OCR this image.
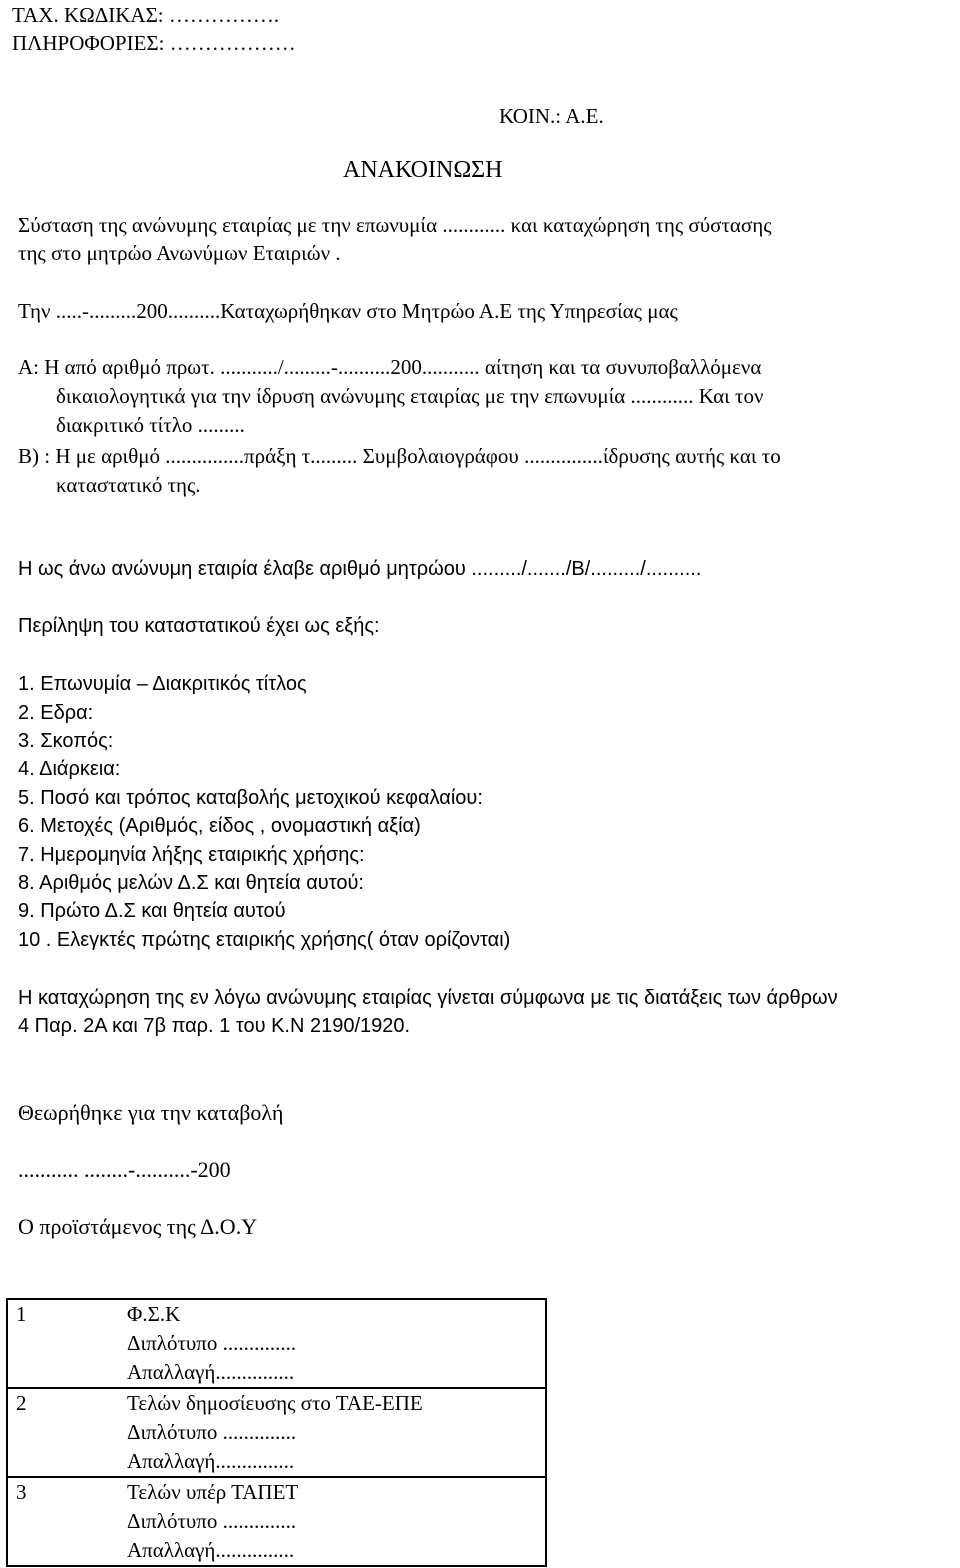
ΤΑΧ. ΚΩΔΙΚΑΣ: …………….
ΠΛΗΡΟΦΟΡΙΕΣ: ………………
ΚΟΙΝ.: Α.Ε.
ΑΝΑΚΟΙΝΩΣΗ
Σύσταση της ανώνυμης εταιρίας με την επωνυμία ............ και καταχώρηση της σύστασης
της στο μητρώο Ανωνύμων Εταιριών .
Την .....-.........200..........Καταχωρήθηκαν στο Μητρώο Α.Ε της Υπηρεσίας μας
Α: Η από αριθμό πρωτ. .........../.........-..........200........... αίτηση και τα συνυποβαλλόμενα
δικαιολογητικά για την ίδρυση ανώνυμης εταιρίας με την επωνυμία ............ Και τον
διακριτικό τίτλο .........
Β) : Η με αριθμό ...............πράξη τ......... Συμβολαιογράφου ...............ίδρυσης αυτής και το
καταστατικό της.
Η ως άνω ανώνυμη εταιρία έλαβε αριθμό μητρώου ........./......./Β/........./..........
Περίληψη του καταστατικού έχει ως εξής:
1. Επωνυμία – Διακριτικός τίτλος
2. Εδρα:
3. Σκοπός:
4. Διάρκεια:
5. Ποσό και τρόπος καταβολής μετοχικού κεφαλαίου:
6. Μετοχές (Αριθμός, είδος , ονομαστική αξία)
7. Ημερομηνία λήξης εταιρικής χρήσης:
8. Αριθμός μελών Δ.Σ και θητεία αυτού:
9. Πρώτο Δ.Σ και θητεία αυτού
10 . Ελεγκτές πρώτης εταιρικής χρήσης( όταν ορίζονται)
Η καταχώρηση της εν λόγω ανώνυμης εταιρίας γίνεται σύμφωνα με τις διατάξεις των άρθρων
4 Παρ. 2Α και 7β παρ. 1 του Κ.Ν 2190/1920.
Θεωρήθηκε για την καταβολή
........... ........-..........-200
Ο προϊστάμενος της Δ.Ο.Υ
1	Φ.Σ.Κ
Διπλότυπο ..............
Απαλλαγή...............

2	Τελών δημοσίευσης στο ΤΑΕ-ΕΠΕ
Διπλότυπο ..............
Απαλλαγή...............

3	Τελών υπέρ ΤΑΠΕΤ
Διπλότυπο ..............
Απαλλαγή...............
